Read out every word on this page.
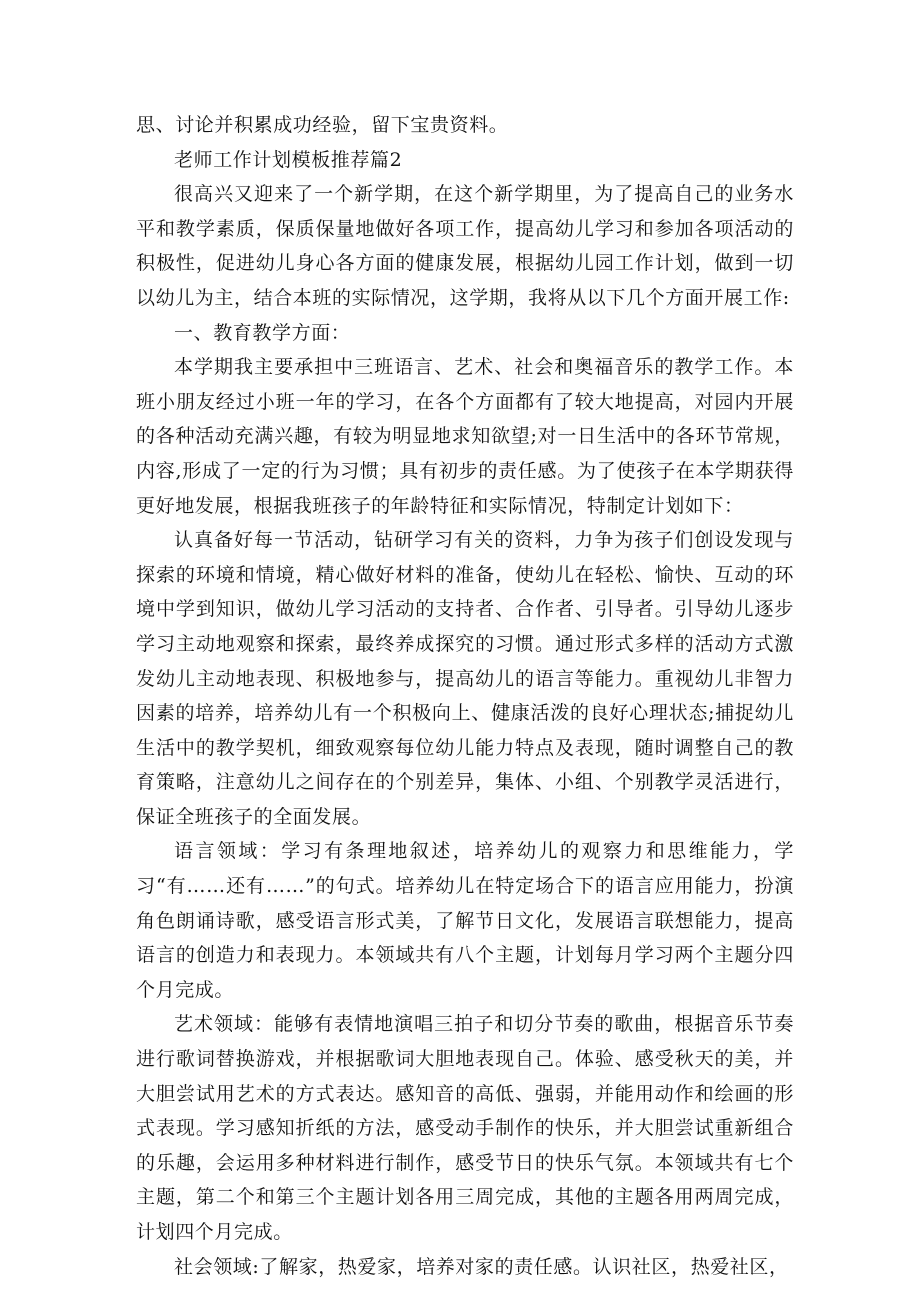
思、讨论并积累成功经验，留下宝贵资料。

老师工作计划模板推荐篇2

很高兴又迎来了一个新学期，在这个新学期里，为了提高自己的业务水平和教学素质，保质保量地做好各项工作，提高幼儿学习和参加各项活动的积极性，促进幼儿身心各方面的健康发展，根据幼儿园工作计划，做到一切以幼儿为主，结合本班的实际情况，这学期，我将从以下几个方面开展工作:

一、教育教学方面：

本学期我主要承担中三班语言、艺术、社会和奥福音乐的教学工作。本班小朋友经过小班一年的学习，在各个方面都有了较大地提高，对园内开展的各种活动充满兴趣，有较为明显地求知欲望;对一日生活中的各环节常规，内容,形成了一定的行为习惯；具有初步的责任感。为了使孩子在本学期获得更好地发展，根据我班孩子的年龄特征和实际情况，特制定计划如下：

认真备好每一节活动，钻研学习有关的资料，力争为孩子们创设发现与探索的环境和情境，精心做好材料的准备，使幼儿在轻松、愉快、互动的环境中学到知识，做幼儿学习活动的支持者、合作者、引导者。引导幼儿逐步学习主动地观察和探索，最终养成探究的习惯。通过形式多样的活动方式激发幼儿主动地表现、积极地参与，提高幼儿的语言等能力。重视幼儿非智力因素的培养，培养幼儿有一个积极向上、健康活泼的良好心理状态;捕捉幼儿生活中的教学契机，细致观察每位幼儿能力特点及表现，随时调整自己的教育策略，注意幼儿之间存在的个别差异，集体、小组、个别教学灵活进行，保证全班孩子的全面发展。

语言领域：学习有条理地叙述，培养幼儿的观察力和思维能力，学习“有……还有……”的句式。培养幼儿在特定场合下的语言应用能力，扮演角色朗诵诗歌，感受语言形式美，了解节日文化，发展语言联想能力，提高语言的创造力和表现力。本领域共有八个主题，计划每月学习两个主题分四个月完成。

艺术领域：能够有表情地演唱三拍子和切分节奏的歌曲，根据音乐节奏进行歌词替换游戏，并根据歌词大胆地表现自己。体验、感受秋天的美，并大胆尝试用艺术的方式表达。感知音的高低、强弱，并能用动作和绘画的形式表现。学习感知折纸的方法，感受动手制作的快乐，并大胆尝试重新组合的乐趣，会运用多种材料进行制作，感受节日的快乐气氛。本领域共有七个主题，第二个和第三个主题计划各用三周完成，其他的主题各用两周完成，计划四个月完成。

社会领域:了解家，热爱家，培养对家的责任感。认识社区，热爱社区，
